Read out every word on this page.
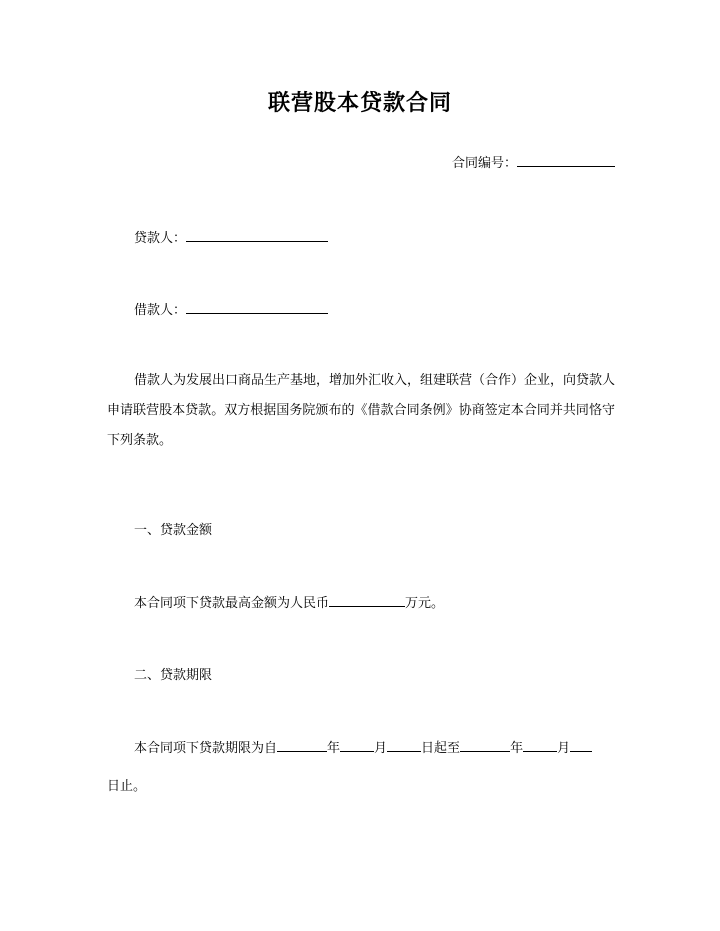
联营股本贷款合同
合同编号：
贷款人：
借款人：
借款人为发展出口商品生产基地，增加外汇收入，组建联营（合作）企业，向贷款人申请联营股本贷款。双方根据国务院颁布的《借款合同条例》协商签定本合同并共同恪守下列条款。
一、贷款金额
本合同项下贷款最高金额为人民币	万元。
二、贷款期限
本合同项下贷款期限为自	年	月	日起至	年	月
日止。
